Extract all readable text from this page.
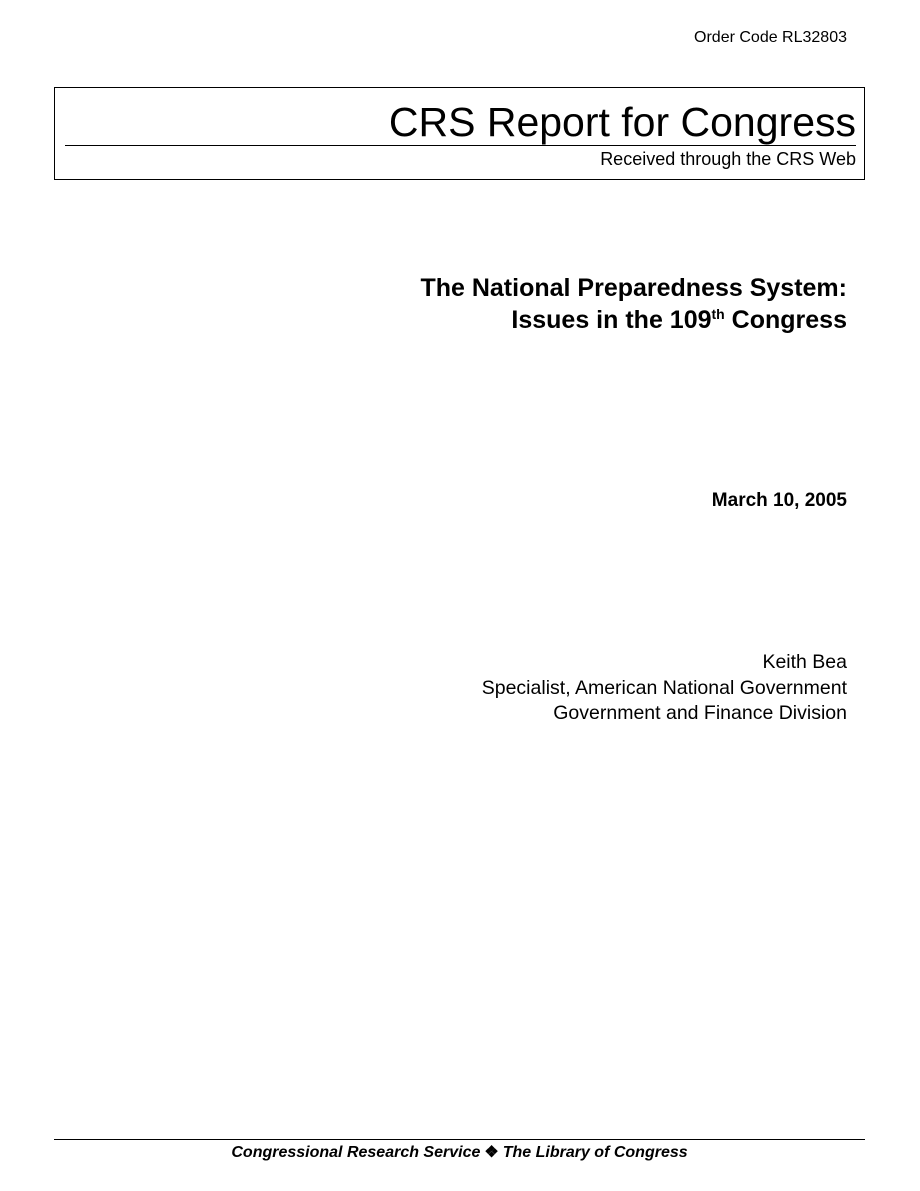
Order Code RL32803
CRS Report for Congress
Received through the CRS Web
The National Preparedness System:
Issues in the 109th Congress
March 10, 2005
Keith Bea
Specialist, American National Government
Government and Finance Division
Congressional Research Service ❖ The Library of Congress
